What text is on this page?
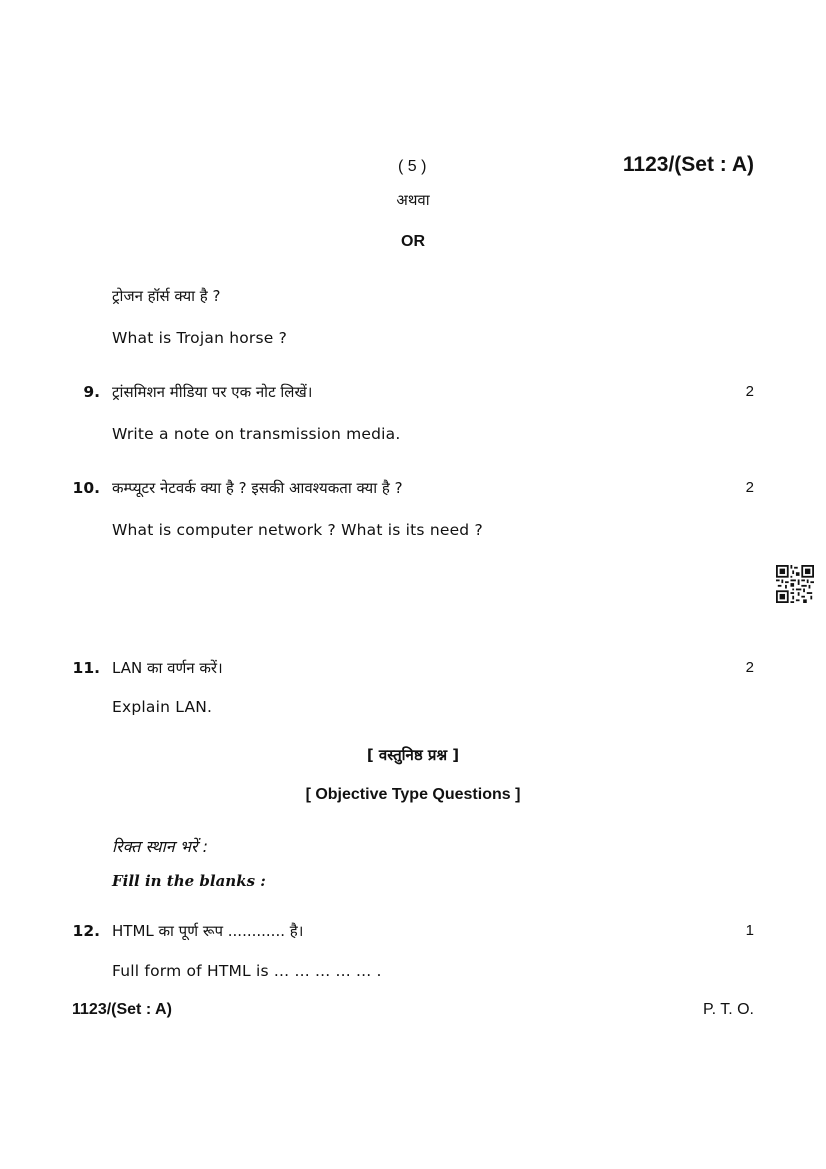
( 5 )	1123/(Set : A)
अथवा
OR
ट्रोजन हॉर्स क्या है ?
What is Trojan horse ?
9. ट्रांसमिशन मीडिया पर एक नोट लिखें।	2
Write a note on transmission media.
10. कम्प्यूटर नेटवर्क क्या है ? इसकी आवश्यकता क्या है ?	2
What is computer network ? What is its need ?
11. LAN का वर्णन करें।	2
Explain LAN.
[ वस्तुनिष्ठ प्रश्न ]
[ Objective Type Questions ]
रिक्त स्थान भरें :
Fill in the blanks :
12. HTML का पूर्ण रूप ............ है।	1
Full form of HTML is ... ... ... ... ... .
1123/(Set : A)	P. T. O.
